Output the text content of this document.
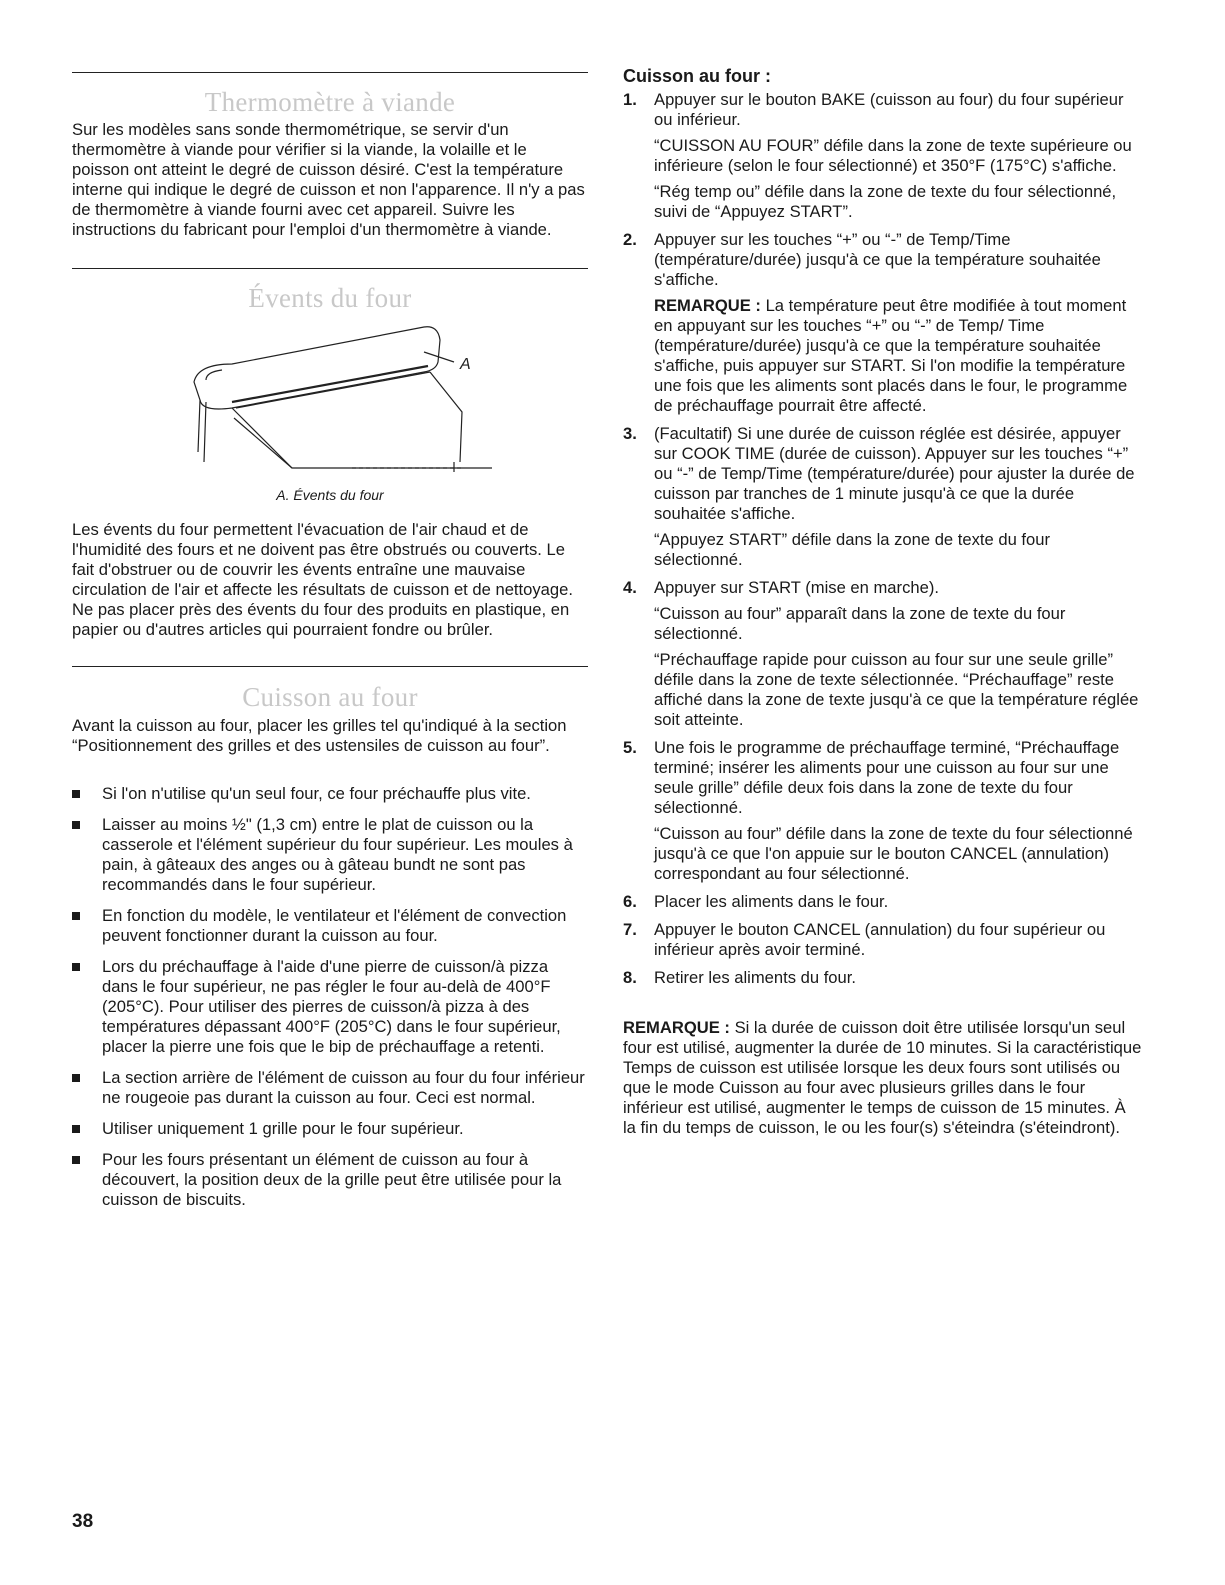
Thermomètre à viande

Sur les modèles sans sonde thermométrique, se servir d'un thermomètre à viande pour vérifier si la viande, la volaille et le poisson ont atteint le degré de cuisson désiré. C'est la température interne qui indique le degré de cuisson et non l'apparence. Il n'y a pas de thermomètre à viande fourni avec cet appareil. Suivre les instructions du fabricant pour l'emploi d'un thermomètre à viande.

Évents du four
A
A. Évents du four

Les évents du four permettent l'évacuation de l'air chaud et de l'humidité des fours et ne doivent pas être obstrués ou couverts. Le fait d'obstruer ou de couvrir les évents entraîne une mauvaise circulation de l'air et affecte les résultats de cuisson et de nettoyage. Ne pas placer près des évents du four des produits en plastique, en papier ou d'autres articles qui pourraient fondre ou brûler.

Cuisson au four

Avant la cuisson au four, placer les grilles tel qu'indiqué à la section “Positionnement des grilles et des ustensiles de cuisson au four”.

Si l'on n'utilise qu'un seul four, ce four préchauffe plus vite.
Laisser au moins ½" (1,3 cm) entre le plat de cuisson ou la casserole et l'élément supérieur du four supérieur. Les moules à pain, à gâteaux des anges ou à gâteau bundt ne sont pas recommandés dans le four supérieur.
En fonction du modèle, le ventilateur et l'élément de convection peuvent fonctionner durant la cuisson au four.
Lors du préchauffage à l'aide d'une pierre de cuisson/à pizza dans le four supérieur, ne pas régler le four au-delà de 400°F (205°C). Pour utiliser des pierres de cuisson/à pizza à des températures dépassant 400°F (205°C) dans le four supérieur, placer la pierre une fois que le bip de préchauffage a retenti.
La section arrière de l'élément de cuisson au four du four inférieur ne rougeoie pas durant la cuisson au four. Ceci est normal.
Utiliser uniquement 1 grille pour le four supérieur.
Pour les fours présentant un élément de cuisson au four à découvert, la position deux de la grille peut être utilisée pour la cuisson de biscuits.
Cuisson au four :
1. Appuyer sur le bouton BAKE (cuisson au four) du four supérieur ou inférieur.

“CUISSON AU FOUR” défile dans la zone de texte supérieure ou inférieure (selon le four sélectionné) et 350°F (175°C) s'affiche.

“Rég temp ou” défile dans la zone de texte du four sélectionné, suivi de “Appuyez START”.

2. Appuyer sur les touches “+” ou “-” de Temp/Time (température/durée) jusqu'à ce que la température souhaitée s'affiche.

REMARQUE : La température peut être modifiée à tout moment en appuyant sur les touches “+” ou “-” de Temp/ Time (température/durée) jusqu'à ce que la température souhaitée s'affiche, puis appuyer sur START. Si l'on modifie la température une fois que les aliments sont placés dans le four, le programme de préchauffage pourrait être affecté.

3. (Facultatif) Si une durée de cuisson réglée est désirée, appuyer sur COOK TIME (durée de cuisson). Appuyer sur les touches “+” ou “-” de Temp/Time (température/durée) pour ajuster la durée de cuisson par tranches de 1 minute jusqu'à ce que la durée souhaitée s'affiche.

“Appuyez START” défile dans la zone de texte du four sélectionné.

4. Appuyer sur START (mise en marche).

“Cuisson au four” apparaît dans la zone de texte du four sélectionné.

“Préchauffage rapide pour cuisson au four sur une seule grille” défile dans la zone de texte sélectionnée. “Préchauffage” reste affiché dans la zone de texte jusqu'à ce que la température réglée soit atteinte.

5. Une fois le programme de préchauffage terminé, “Préchauffage terminé; insérer les aliments pour une cuisson au four sur une seule grille” défile deux fois dans la zone de texte du four sélectionné.

“Cuisson au four” défile dans la zone de texte du four sélectionné jusqu'à ce que l'on appuie sur le bouton CANCEL (annulation) correspondant au four sélectionné.

6. Placer les aliments dans le four.

7. Appuyer le bouton CANCEL (annulation) du four supérieur ou inférieur après avoir terminé.

8. Retirer les aliments du four.

REMARQUE : Si la durée de cuisson doit être utilisée lorsqu'un seul four est utilisé, augmenter la durée de 10 minutes. Si la caractéristique Temps de cuisson est utilisée lorsque les deux fours sont utilisés ou que le mode Cuisson au four avec plusieurs grilles dans le four inférieur est utilisé, augmenter le temps de cuisson de 15 minutes. À la fin du temps de cuisson, le ou les four(s) s'éteindra (s'éteindront).

38
